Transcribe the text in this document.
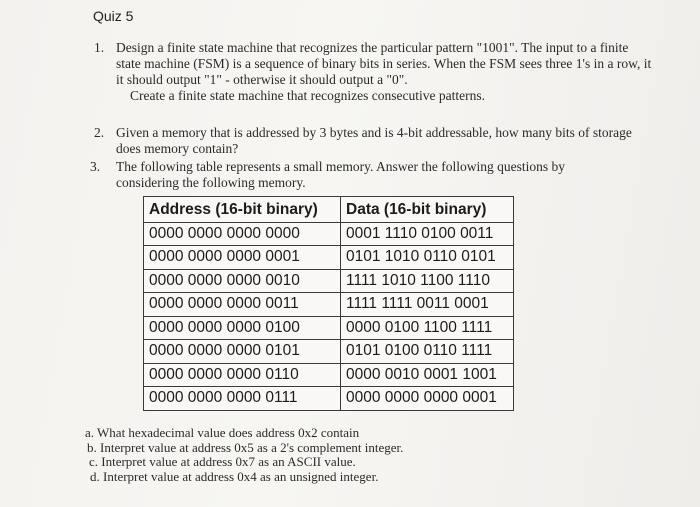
Quiz 5
1. Design a finite state machine that recognizes the particular pattern "1001". The input to a finite state machine (FSM) is a sequence of binary bits in series. When the FSM sees three 1's in a row, it it should output "1" - otherwise it should output a "0".
Create a finite state machine that recognizes consecutive patterns.
2. Given a memory that is addressed by 3 bytes and is 4-bit addressable, how many bits of storage does memory contain?
3. The following table represents a small memory. Answer the following questions by considering the following memory.
Address (16-bit binary)	Data (16-bit binary)
0000 0000 0000 0000	0001 1110 0100 0011
0000 0000 0000 0001	0101 1010 0110 0101
0000 0000 0000 0010	1111 1010 1100 1110
0000 0000 0000 0011	1111 1111 0011 0001
0000 0000 0000 0100	0000 0100 1100 1111
0000 0000 0000 0101	0101 0100 0110 1111
0000 0000 0000 0110	0000 0010 0001 1001
0000 0000 0000 0111	0000 0000 0000 0001
a. What hexadecimal value does address 0x2 contain
b. Interpret value at address 0x5 as a 2's complement integer.
c. Interpret value at address 0x7 as an ASCII value.
d. Interpret value at address 0x4 as an unsigned integer.
